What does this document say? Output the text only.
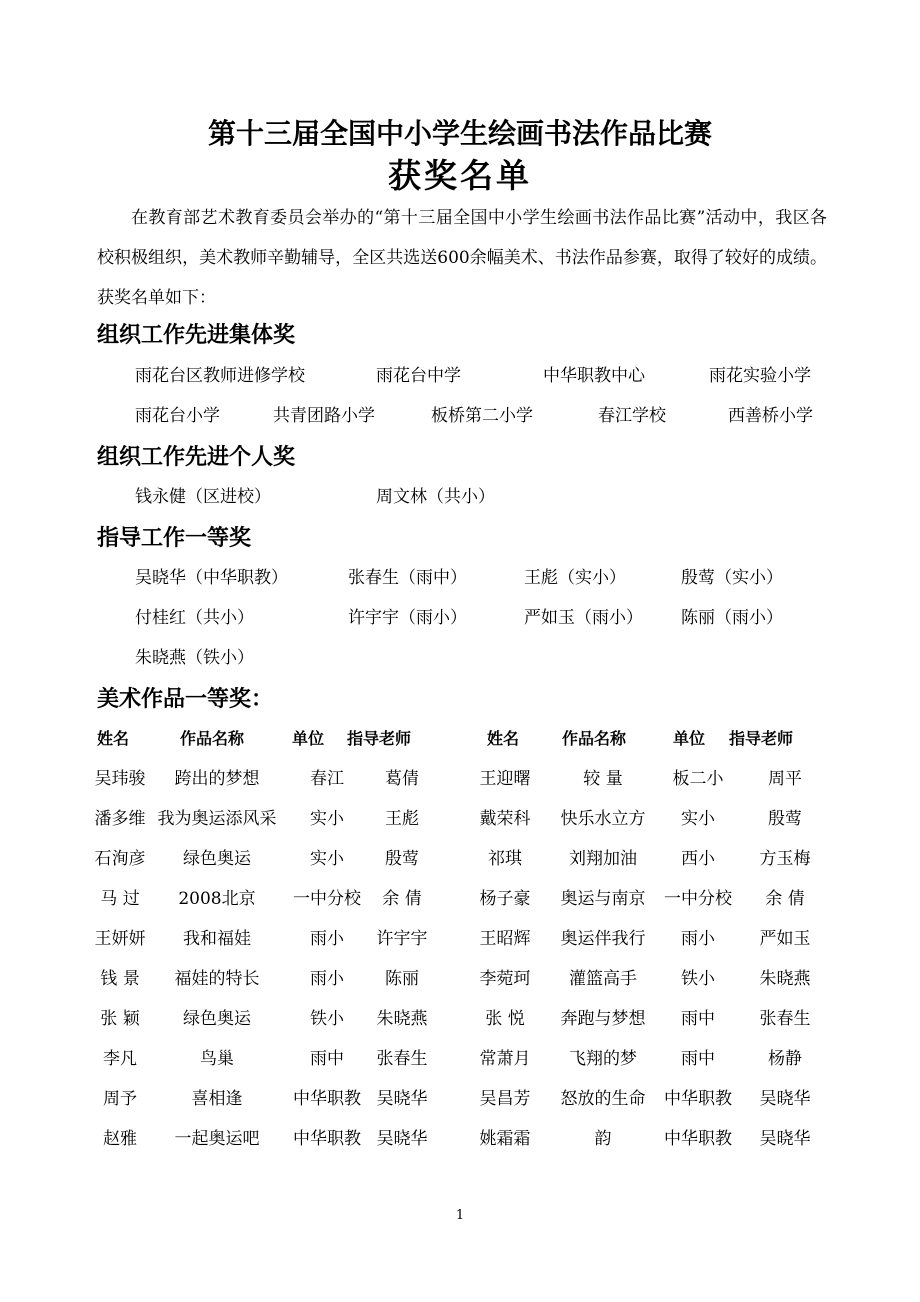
第十三届全国中小学生绘画书法作品比赛
获奖名单

在教育部艺术教育委员会举办的“第十三届全国中小学生绘画书法作品比赛”活动中，我区各校积极组织，美术教师辛勤辅导，全区共选送600余幅美术、书法作品参赛，取得了较好的成绩。获奖名单如下：

组织工作先进集体奖
雨花台区教师进修学校	雨花台中学	中华职教中心	雨花实验小学
雨花台小学	共青团路小学	板桥第二小学	春江学校	西善桥小学
组织工作先进个人奖
钱永健（区进校）	周文林（共小）
指导工作一等奖
吴晓华（中华职教）	张春生（雨中）	王彪（实小）	殷莺（实小）
付桂红（共小）	许宇宇（雨小）	严如玉（雨小） 陈丽（雨小）
朱晓燕（铁小）
美术作品一等奖：
姓名	作品名称	单位 指导老师	姓名	作品名称	单位 指导老师
吴玮骏	跨出的梦想	春江	葛倩	王迎曙	较 量	板二小	周平
潘多维 我为奥运添风采	实小	王彪	戴荣科	快乐水立方	实小	殷莺
石洵彦	绿色奥运	实小	殷莺	祁琪	刘翔加油	西小	方玉梅
马 过	2008北京	一中分校	余 倩	杨子豪	奥运与南京	一中分校	余 倩
王妍妍	我和福娃	雨小	许宇宇	王昭辉	奥运伴我行	雨小	严如玉
钱 景	福娃的特长	雨小	陈丽	李菀珂	灌篮高手	铁小	朱晓燕
张 颖	绿色奥运	铁小	朱晓燕	张 悦	奔跑与梦想	雨中	张春生
李凡	鸟巢	雨中	张春生	常萧月	飞翔的梦	雨中	杨静
周予	喜相逢	中华职教 吴晓华	吴昌芳	怒放的生命	中华职教	吴晓华
赵雅	一起奥运吧	中华职教 吴晓华	姚霜霜	韵	中华职教	吴晓华
1
